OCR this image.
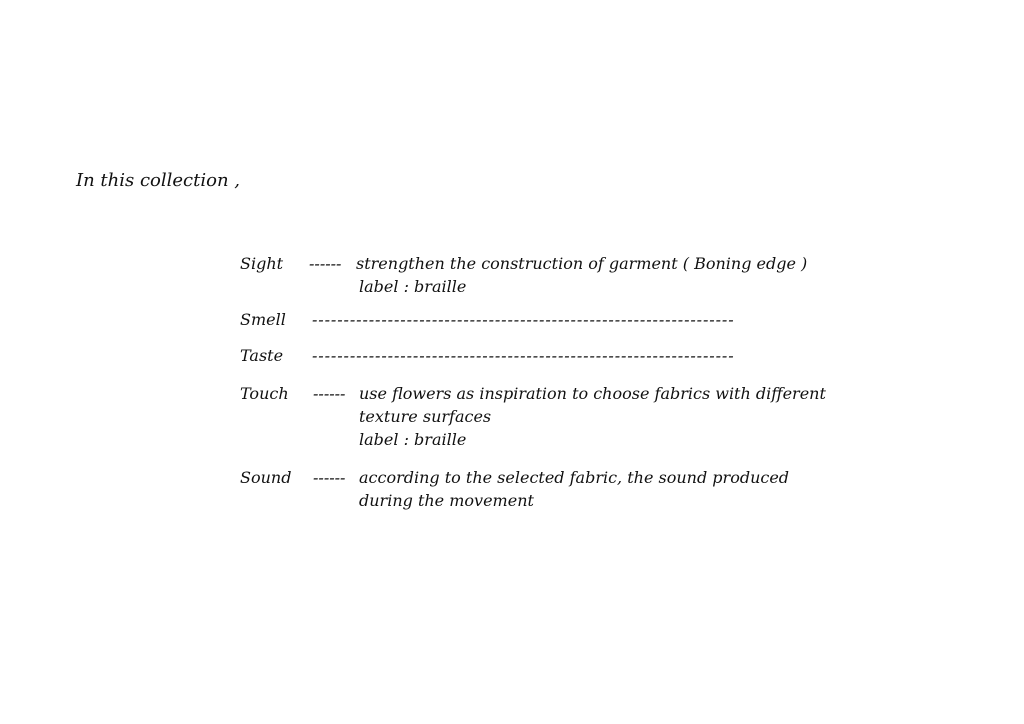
In this collection ,
Sight ------ strengthen the construction of garment ( Boning edge )
label : braille
Smell -------------------------------------------------------------------
Taste -------------------------------------------------------------------
Touch ------ use flowers as inspiration to choose fabrics with different
texture surfaces
label : braille
Sound ------ according to the selected fabric, the sound produced
during the movement
